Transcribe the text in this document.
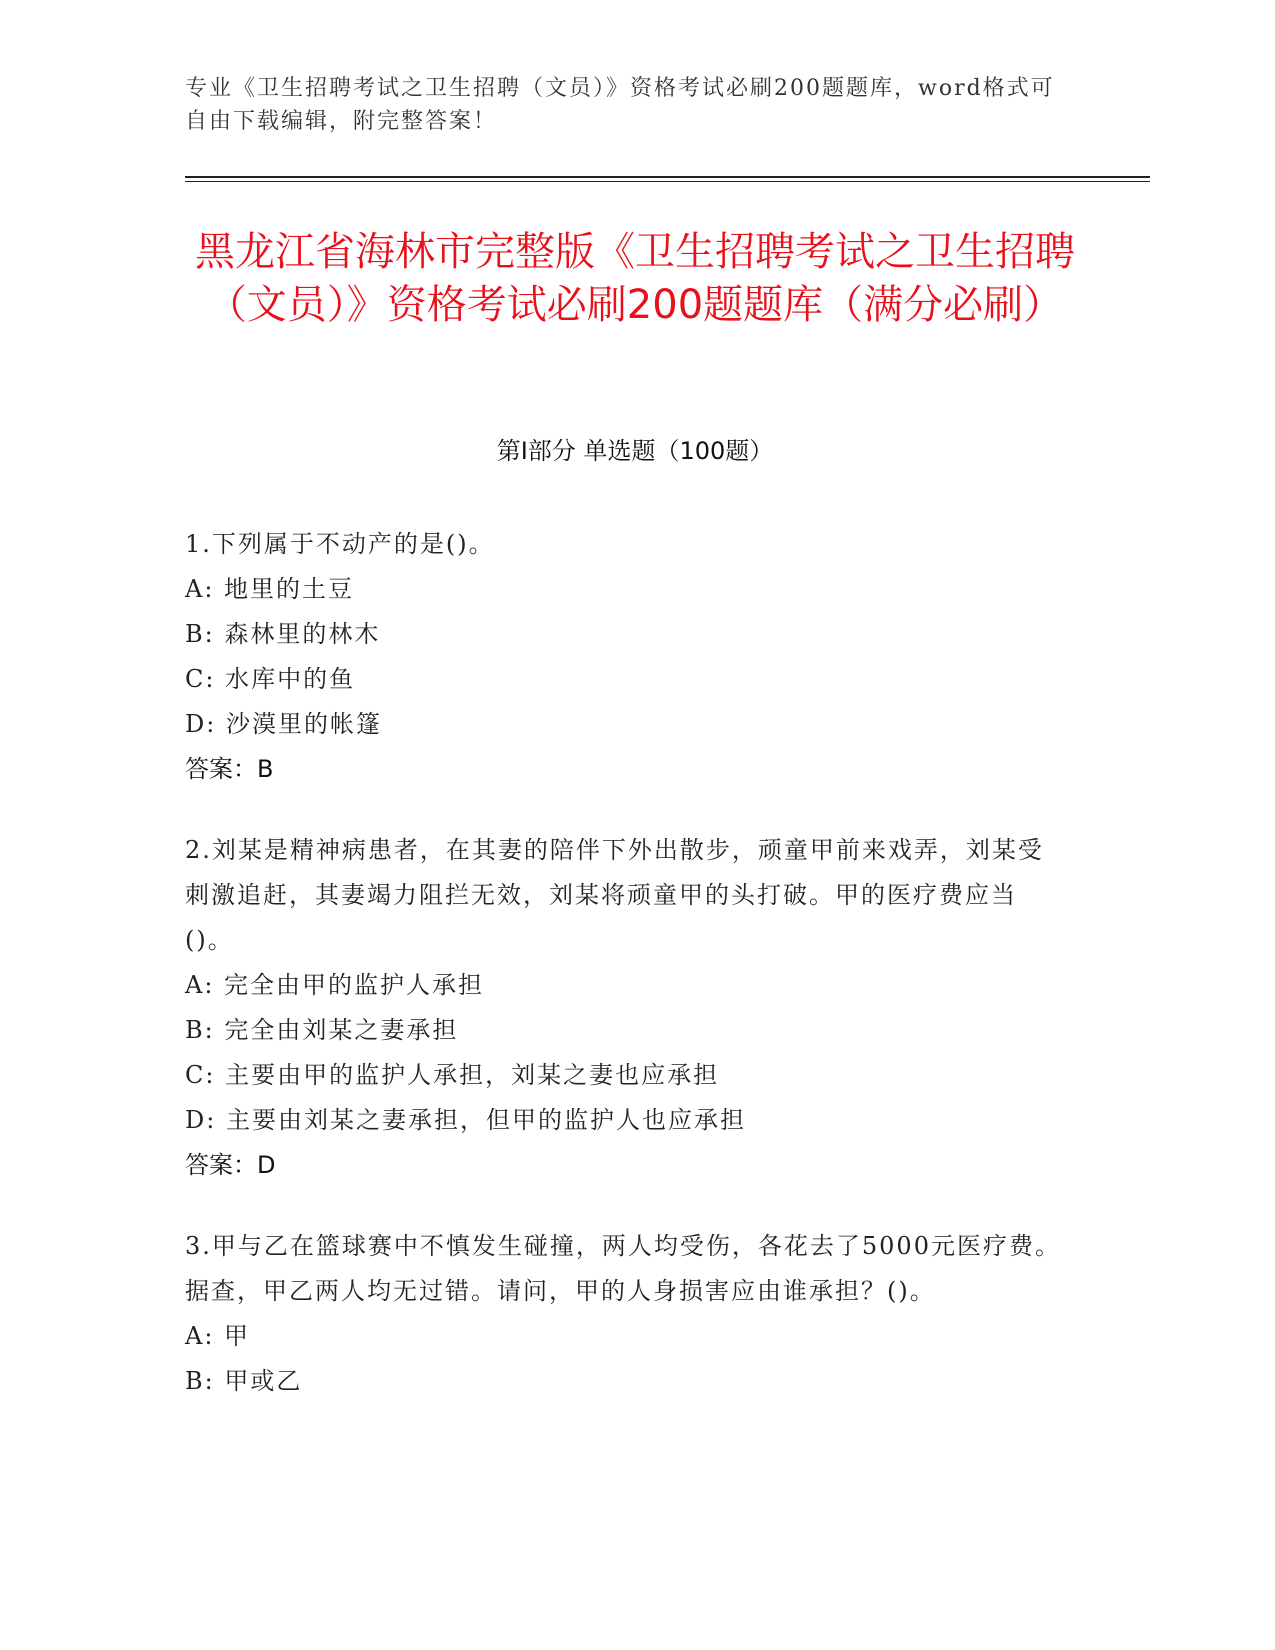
专业《卫生招聘考试之卫生招聘（文员）》资格考试必刷200题题库，word格式可自由下载编辑，附完整答案！
黑龙江省海林市完整版《卫生招聘考试之卫生招聘（文员）》资格考试必刷200题题库（满分必刷）
第I部分 单选题（100题）

1.下列属于不动产的是()。

A: 地里的土豆

B: 森林里的林木

C: 水库中的鱼

D: 沙漠里的帐篷

答案：B

2.刘某是精神病患者，在其妻的陪伴下外出散步，顽童甲前来戏弄，刘某受刺激追赶，其妻竭力阻拦无效，刘某将顽童甲的头打破。甲的医疗费应当()。

A: 完全由甲的监护人承担

B: 完全由刘某之妻承担

C: 主要由甲的监护人承担，刘某之妻也应承担

D: 主要由刘某之妻承担，但甲的监护人也应承担

答案：D

3.甲与乙在篮球赛中不慎发生碰撞，两人均受伤，各花去了5000元医疗费。据查，甲乙两人均无过错。请问，甲的人身损害应由谁承担？()。

A: 甲

B: 甲或乙
